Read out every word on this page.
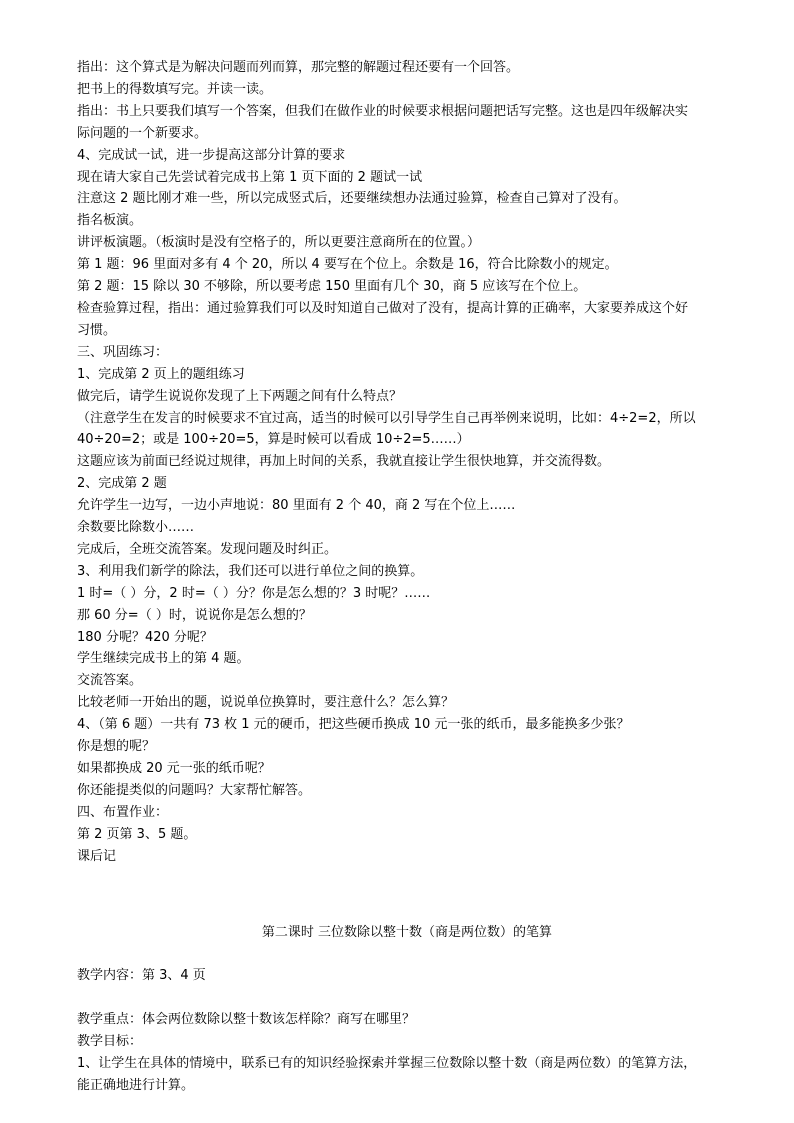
指出：这个算式是为解决问题而列而算，那完整的解题过程还要有一个回答。
把书上的得数填写完。并读一读。
指出：书上只要我们填写一个答案，但我们在做作业的时候要求根据问题把话写完整。这也是四年级解决实
际问题的一个新要求。
4、完成试一试，进一步提高这部分计算的要求
现在请大家自己先尝试着完成书上第 1 页下面的 2 题试一试
注意这 2 题比刚才难一些，所以完成竖式后，还要继续想办法通过验算，检查自己算对了没有。
指名板演。
讲评板演题。（板演时是没有空格子的，所以更要注意商所在的位置。）
第 1 题：96 里面对多有 4 个 20，所以 4 要写在个位上。余数是 16，符合比除数小的规定。
第 2 题：15 除以 30 不够除，所以要考虑 150 里面有几个 30，商 5 应该写在个位上。
检查验算过程，指出：通过验算我们可以及时知道自己做对了没有，提高计算的正确率，大家要养成这个好
习惯。
三、巩固练习：
1、完成第 2 页上的题组练习
做完后，请学生说说你发现了上下两题之间有什么特点？
（注意学生在发言的时候要求不宜过高，适当的时候可以引导学生自己再举例来说明，比如：4÷2=2，所以
40÷20=2；或是 100÷20=5，算是时候可以看成 10÷2=5……）
这题应该为前面已经说过规律，再加上时间的关系，我就直接让学生很快地算，并交流得数。
2、完成第 2 题
允许学生一边写，一边小声地说：80 里面有 2 个 40，商 2 写在个位上……
余数要比除数小……
完成后，全班交流答案。发现问题及时纠正。
3、利用我们新学的除法，我们还可以进行单位之间的换算。
1 时=（ ）分，2 时=（ ）分？你是怎么想的？3 时呢？……
那 60 分=（ ）时，说说你是怎么想的？
180 分呢？420 分呢？
学生继续完成书上的第 4 题。
交流答案。
比较老师一开始出的题，说说单位换算时，要注意什么？怎么算？
4、（第 6 题）一共有 73 枚 1 元的硬币，把这些硬币换成 10 元一张的纸币，最多能换多少张？
你是想的呢？
如果都换成 20 元一张的纸币呢？
你还能提类似的问题吗？大家帮忙解答。
四、布置作业：
第 2 页第 3、5 题。
课后记
第二课时 三位数除以整十数（商是两位数）的笔算
教学内容：第 3、4 页
教学重点：体会两位数除以整十数该怎样除？商写在哪里？
教学目标：
1、让学生在具体的情境中，联系已有的知识经验探索并掌握三位数除以整十数（商是两位数）的笔算方法，
能正确地进行计算。
